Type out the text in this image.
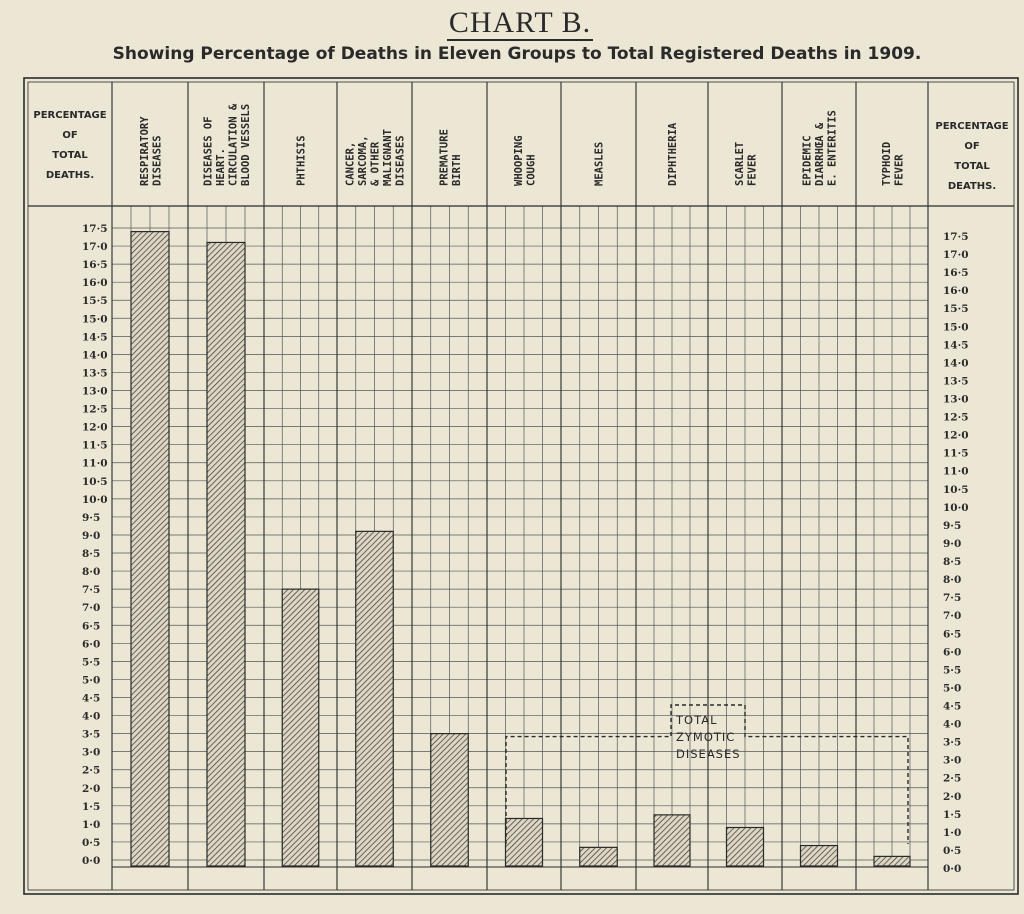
CHART B.
Showing Percentage of Deaths in Eleven Groups to Total Registered Deaths in 1909.
0·0
0·0
0·5
0·5
1·0
1·0
1·5
1·5
2·0
2·0
2·5
2·5
3·0
3·0
3·5
3·5
4·0
4·0
4·5
4·5
5·0
5·0
5·5
5·5
6·0
6·0
6·5
6·5
7·0
7·0
7·5
7·5
8·0
8·0
8·5
8·5
9·0
9·0
9·5
9·5
10·0
10·0
10·5
10·5
11·0
11·0
11·5
11·5
12·0
12·0
12·5
12·5
13·0
13·0
13·5
13·5
14·0
14·0
14·5
14·5
15·0
15·0
15·5
15·5
16·0
16·0
16·5
16·5
17·0
17·0
17·5
17·5
PERCENTAGE
OF
TOTAL
DEATHS.
PERCENTAGE
OF
TOTAL
DEATHS.
RESPIRATORY DISEASES	DISEASES OF HEART. CIRCULATION & BLOOD VESSELS	PHTHISIS	CANCER, SARCOMA, & OTHER MALIGNANT DISEASES	PREMATURE BIRTH	WHOOPING COUGH	MEASLES	DIPHTHERIA	SCARLET FEVER	EPIDEMIC DIARRHŒA & E. ENTERITIS	TYPHOID FEVER
TOTAL
ZYMOTIC
DISEASES
